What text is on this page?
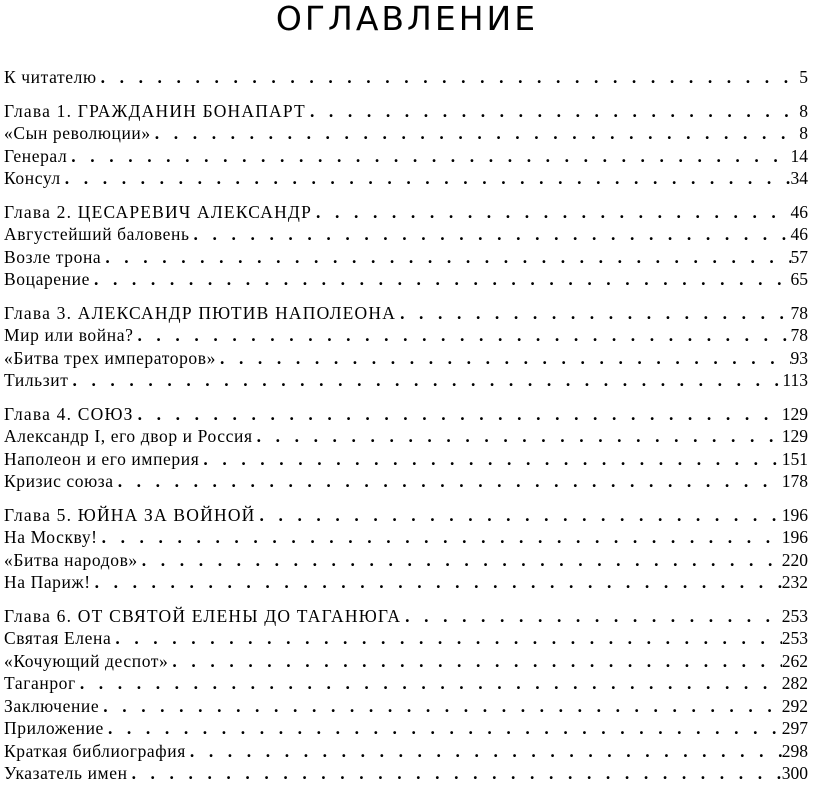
ОГЛАВЛЕНИЕ
К читателю .....	5
Глава 1. ГРАЖДАНИН БОНАПАРТ .....	8
«Сын революции» .....	8
Генерал .....	14
Консул .....	34
Глава 2. ЦЕСАРЕВИЧ АЛЕКСАНДР .....	46
Августейший баловень .....	46
Возле трона .....	57
Воцарение .....	65
Глава 3. АЛЕКСАНДР ПЮТИВ НАПОЛЕОНА .....	78
Мир или война? .....	78
«Битва трех императоров» .....	93
Тильзит .....	113
Глава 4. СОЮЗ .....	129
Александр I, его двор и Россия .....	129
Наполеон и его империя .....	151
Кризис союза .....	178
Глава 5. ЮЙНА ЗА ВОЙНОЙ .....	196
На Москву! .....	196
«Битва народов» .....	220
На Париж! .....	232
Глава 6. ОТ СВЯТОЙ ЕЛЕНЫ ДО ТАГАНЮГА .....	253
Святая Елена .....	253
«Кочующий деспот» .....	262
Таганрог .....	282
Заключение .....	292
Приложение .....	297
Краткая библиография .....	298
Указатель имен .....	300
